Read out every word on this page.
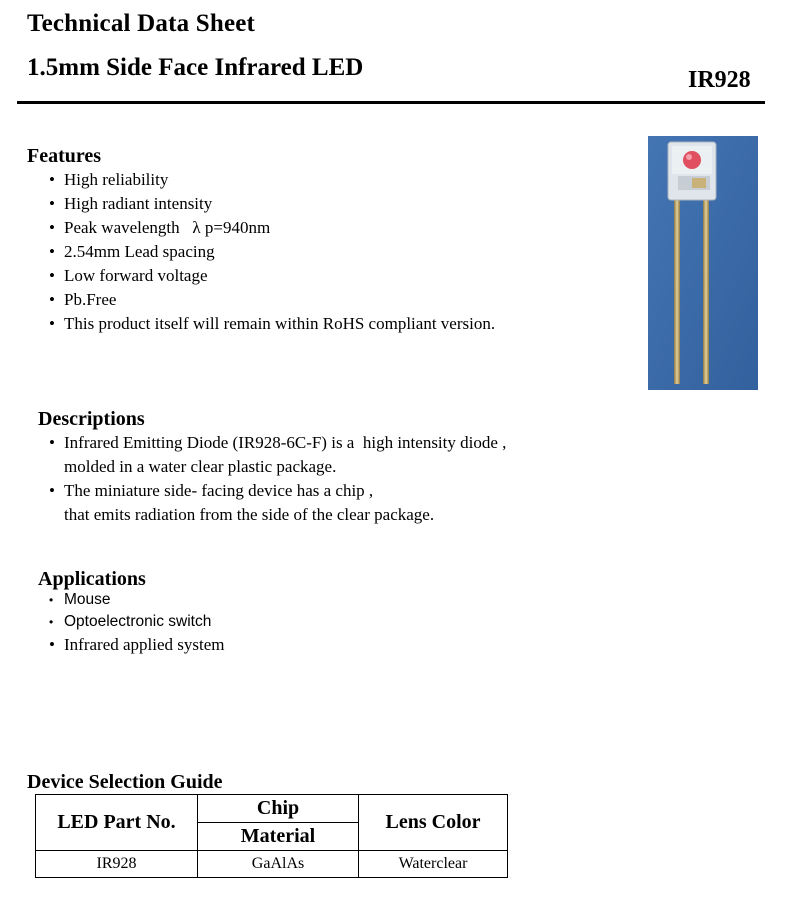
Technical Data Sheet
1.5mm Side Face Infrared LED	IR928
Features
• High reliability
• High radiant intensity
• Peak wavelength   λ p=940nm
• 2.54mm Lead spacing
• Low forward voltage
• Pb.Free
• This product itself will remain within RoHS compliant version.
Descriptions
• Infrared Emitting Diode (IR928-6C-F) is a  high intensity diode ,
molded in a water clear plastic package.
• The miniature side- facing device has a chip ,
that emits radiation from the side of the clear package.
Applications
• Mouse
• Optoelectronic switch
• Infrared applied system
Device Selection Guide
LED Part No.	Chip	Lens Color
	Material	
IR928	GaAlAs	Waterclear
